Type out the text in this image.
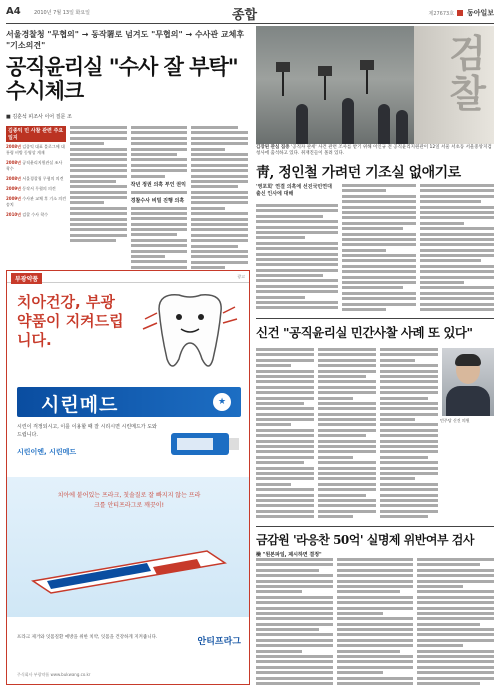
A4	2010년 7월 13일 화요일	종합	제27673호 동아일보
서울경찰청 "무협의" → 동작署로 넘겨도 "무협의" → 수사관 교체후 "기소의견"
공직윤리실 "수사 잘 부탁" 수시체크
■ 김훈석 피조사 이어 질문 조
김종익 민 사찰 관련 주요 일지
2008년 김종익 대표 블로그에 대통령 비방 동영상 게재
2008년 공직윤리지원관실 조사 착수
2008년 서울경찰청 무혐의 의견
2009년 동작서 무협의 의견
2009년 수사관 교체 후 기소 의견 송치
2010년 검찰 수사 착수
작년 정권 의혹 부인 권익
경찰수사 비밀 진행 의혹
검
찰
김장된 관심 집중 '공직자 관세' 사건 관련 조사를 받기 위해 이인규 전 공직윤리지원관이 12일 서울 서초동 서울중앙지검 청사에 출석하고 있다. 취재진들이 몰려 있다.
靑, 정인철 가려던 기조실 없애기로
'영포회' 연결 의혹에 선진국민연대 출신 인사에 대해
부광약품	광고
치아건강, 부광약품이 지켜드립니다.
시린메드	★
시린이 걱정되시고, 이를 이용할 때 잘 시리시면 시린메드가 도와드립니다.
시린이엔, 시린메드
치아에 붙어있는 프라크, 칫솔질로 잘 빠지지 않는 프라크를 안티프라그로 깨끗이!
프라크 제거와 잇몸질환 예방을 위한 치약, 잇몸을 건강하게 지켜줍니다.	안티프라그
주식회사 부광약품 www.bukwang.co.kr
신건 "공직윤리실 민간사찰 사례 또 있다"
민주당 신건 의원
금감원 '라응찬 50억' 실명제 위반여부 검사
檢 "원본파일, 제시하면 결정"
